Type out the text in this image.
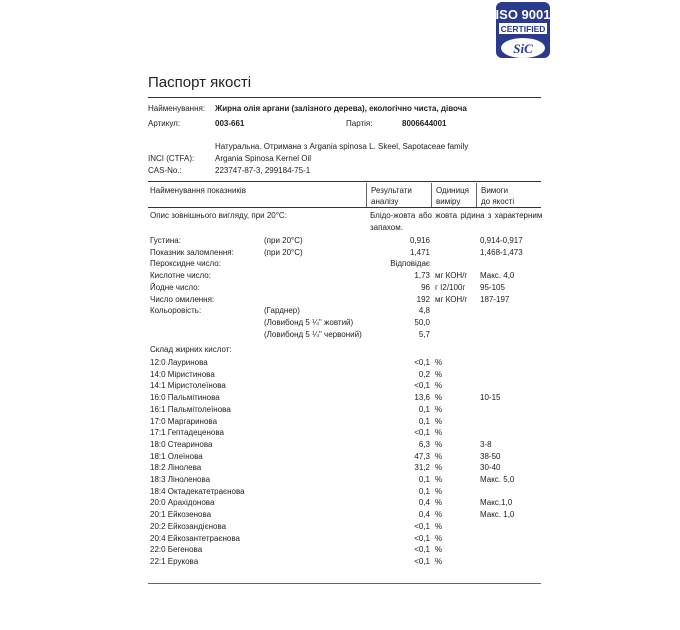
ISO 9001
CERTIFIED
SiC
Паспорт якості
Найменування: Жирна олія аргани (залізного дерева), екологічно чиста, дівоча
Артикул:	003-661	Партія:	8006644001
Натуральна. Отримана з Argania spinosa L. Skeel, Sapotaceae family
INCI (CTFA):	Argania Spinosa Kernel Oil
CAS-No.:	223747-87-3, 299184-75-1
Найменування показників	Результати
аналізу
Одиниця
виміру
Вимоги
до якості
Опис зовнішнього вигляду, при 20°С:	Блідо-жовта або жовта рідина з характерним
запахом.
Густина:	(при 20°С)	0,916	0,914-0,917
Показник заломлення:	(при 20°С)	1,471	1,468-1,473
Пероксидне число:	Відповідає
Кислотне число:	1,73 мг КОН/г Макс. 4,0
Йодне число:	96 г I2/100г 95-105
Число омилення:	192 мг КОН/г 187-197
Кольоровість:	(Гарднер)	4,8
(Ловибонд 5 ¼'' жовтий)	50,0
(Ловибонд 5 ¼'' червоний)	5,7
Склад жирних кислот:
12:0 Лауринова	<0,1 %
14:0 Міристинова	0,2 %
14:1 Міристолеїнова	<0,1 %
16:0 Пальмітинова	13,6 %	10-15
16:1 Пальмітолеїнова	0,1 %
17:0 Маргаринова	0,1 %
17:1 Гептадеценова	<0,1 %
18:0 Стеаринова	6,3 %	3-8
18:1 Олеїнова	47,3 %	38-50
18:2 Лінолева	31,2 %	30-40
18:3 Ліноленова	0,1 %	Макс. 5,0
18:4 Октадекатетраєнова	0,1 %
20:0 Арахідонова	0,4 %	Макс.1,0
20:1 Ейкозенова	0,4 %	Макс. 1,0
20:2 Ейкозандієнова	<0,1 %
20:4 Ейкозантетраєнова	<0,1 %
22:0 Бегенова	<0,1 %
22:1 Ерукова	<0,1 %
